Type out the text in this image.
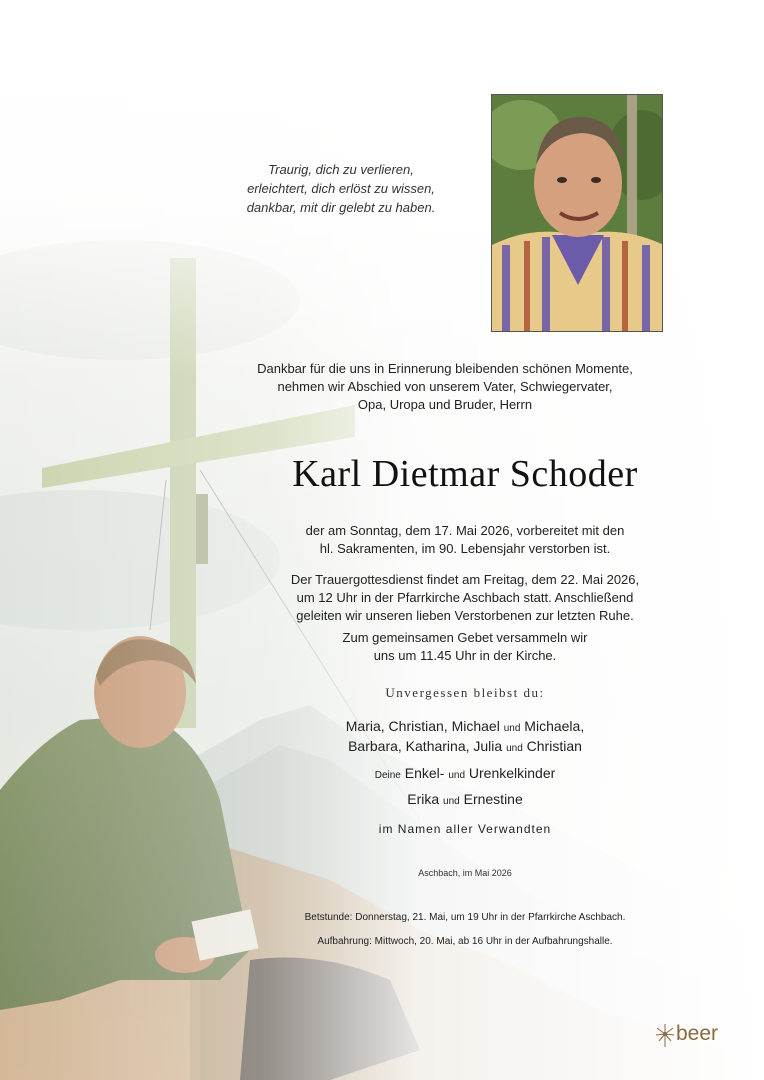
Traurig, dich zu verlieren,
erleichtert, dich erlöst zu wissen,
dankbar, mit dir gelebt zu haben.
Dankbar für die uns in Erinnerung bleibenden schönen Momente,
nehmen wir Abschied von unserem Vater, Schwiegervater,
Opa, Uropa und Bruder, Herrn
Karl Dietmar Schoder
der am Sonntag, dem 17. Mai 2026, vorbereitet mit den
hl. Sakramenten, im 90. Lebensjahr verstorben ist.
Der Trauergottesdienst findet am Freitag, dem 22. Mai 2026,
um 12 Uhr in der Pfarrkirche Aschbach statt. Anschließend
geleiten wir unseren lieben Verstorbenen zur letzten Ruhe.
Zum gemeinsamen Gebet versammeln wir
uns um 11.45 Uhr in der Kirche.
Unvergessen bleibst du:
Maria, Christian, Michael und Michaela,
Barbara, Katharina, Julia und Christian
Deine Enkel- und Urenkelkinder
Erika und Ernestine
im Namen aller Verwandten
Aschbach, im Mai 2026
Betstunde: Donnerstag, 21. Mai, um 19 Uhr in der Pfarrkirche Aschbach.
Aufbahrung: Mittwoch, 20. Mai, ab 16 Uhr in der Aufbahrungshalle.
beer
